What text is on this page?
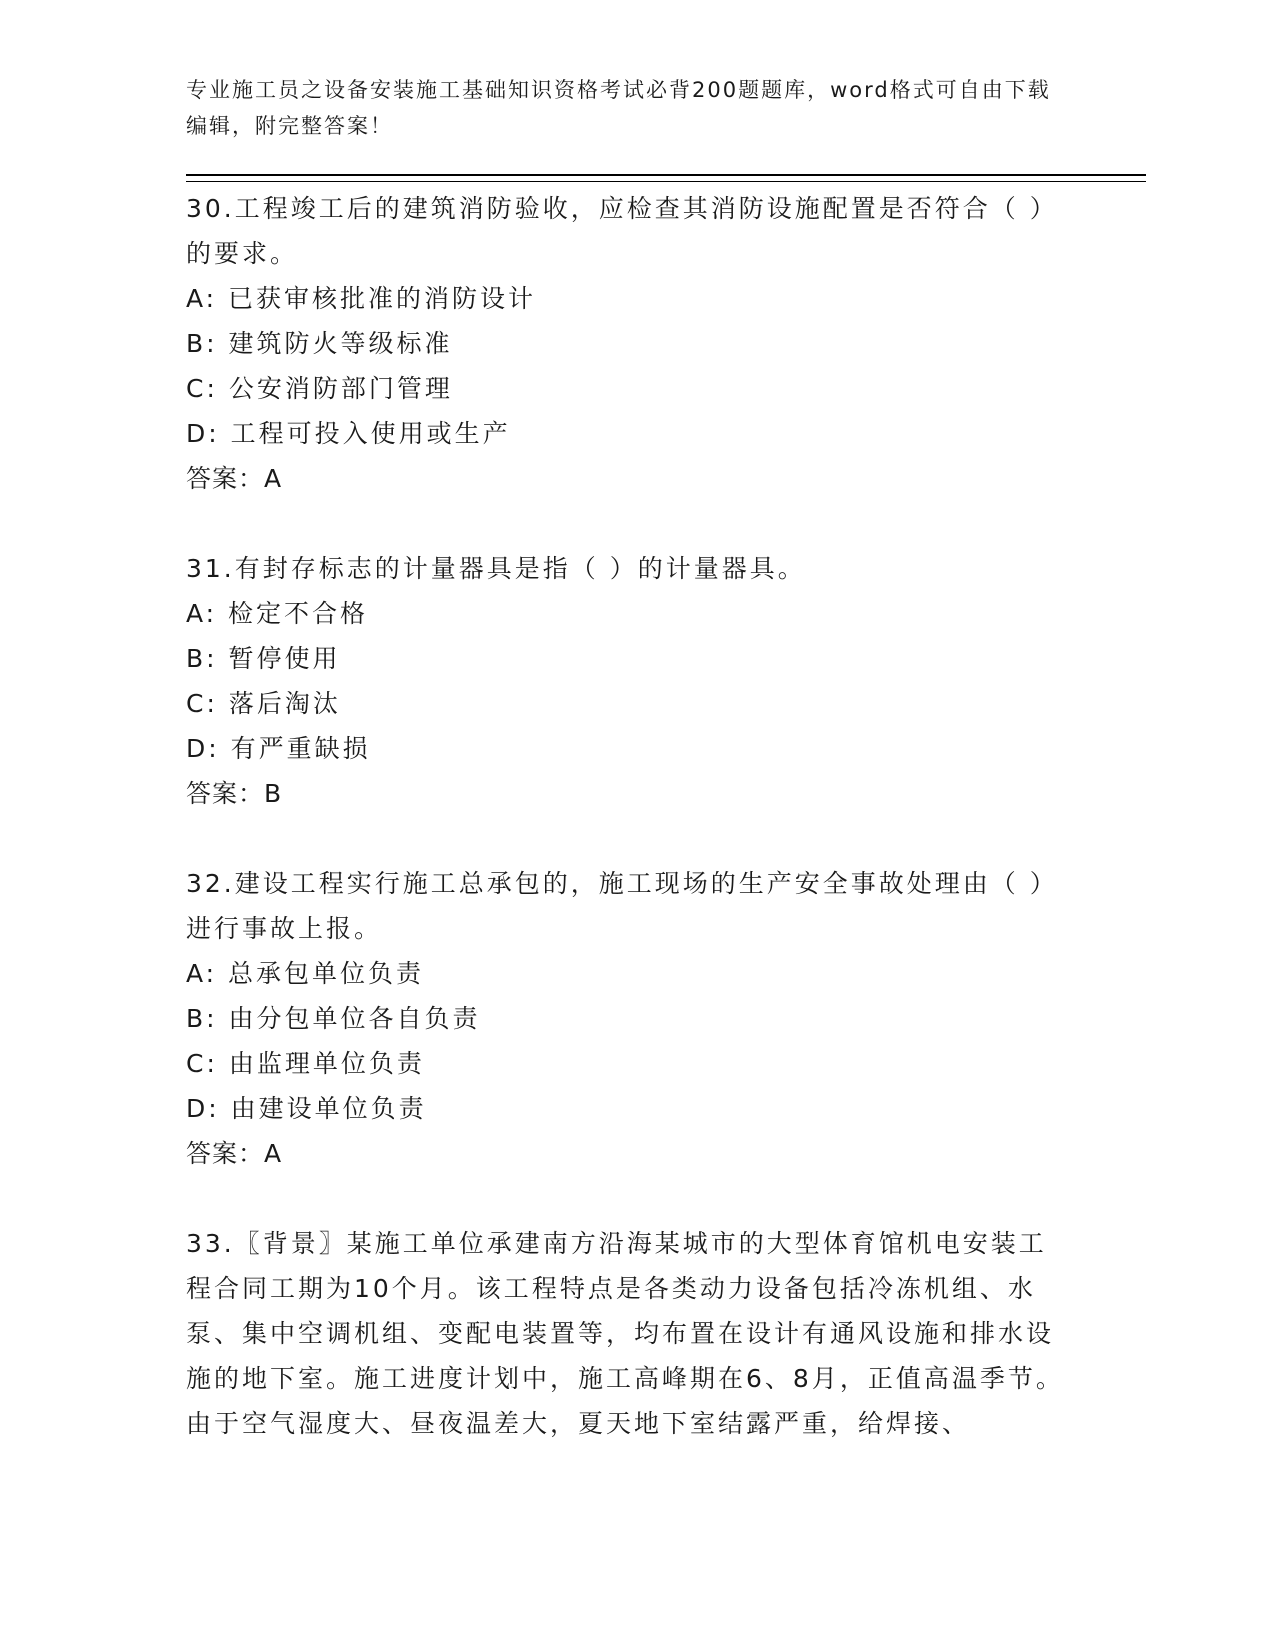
专业施工员之设备安装施工基础知识资格考试必背200题题库，word格式可自由下载编辑，附完整答案！
30.工程竣工后的建筑消防验收，应检查其消防设施配置是否符合（ ）的要求。
A: 已获审核批准的消防设计
B: 建筑防火等级标准
C: 公安消防部门管理
D: 工程可投入使用或生产
答案：A
31.有封存标志的计量器具是指（ ）的计量器具。
A: 检定不合格
B: 暂停使用
C: 落后淘汰
D: 有严重缺损
答案：B
32.建设工程实行施工总承包的，施工现场的生产安全事故处理由（ ）进行事故上报。
A: 总承包单位负责
B: 由分包单位各自负责
C: 由监理单位负责
D: 由建设单位负责
答案：A
33.〖背景〗某施工单位承建南方沿海某城市的大型体育馆机电安装工程合同工期为10个月。该工程特点是各类动力设备包括冷冻机组、水泵、集中空调机组、变配电装置等，均布置在设计有通风设施和排水设施的地下室。施工进度计划中，施工高峰期在6、8月，正值高温季节。由于空气湿度大、昼夜温差大，夏天地下室结露严重，给焊接、
